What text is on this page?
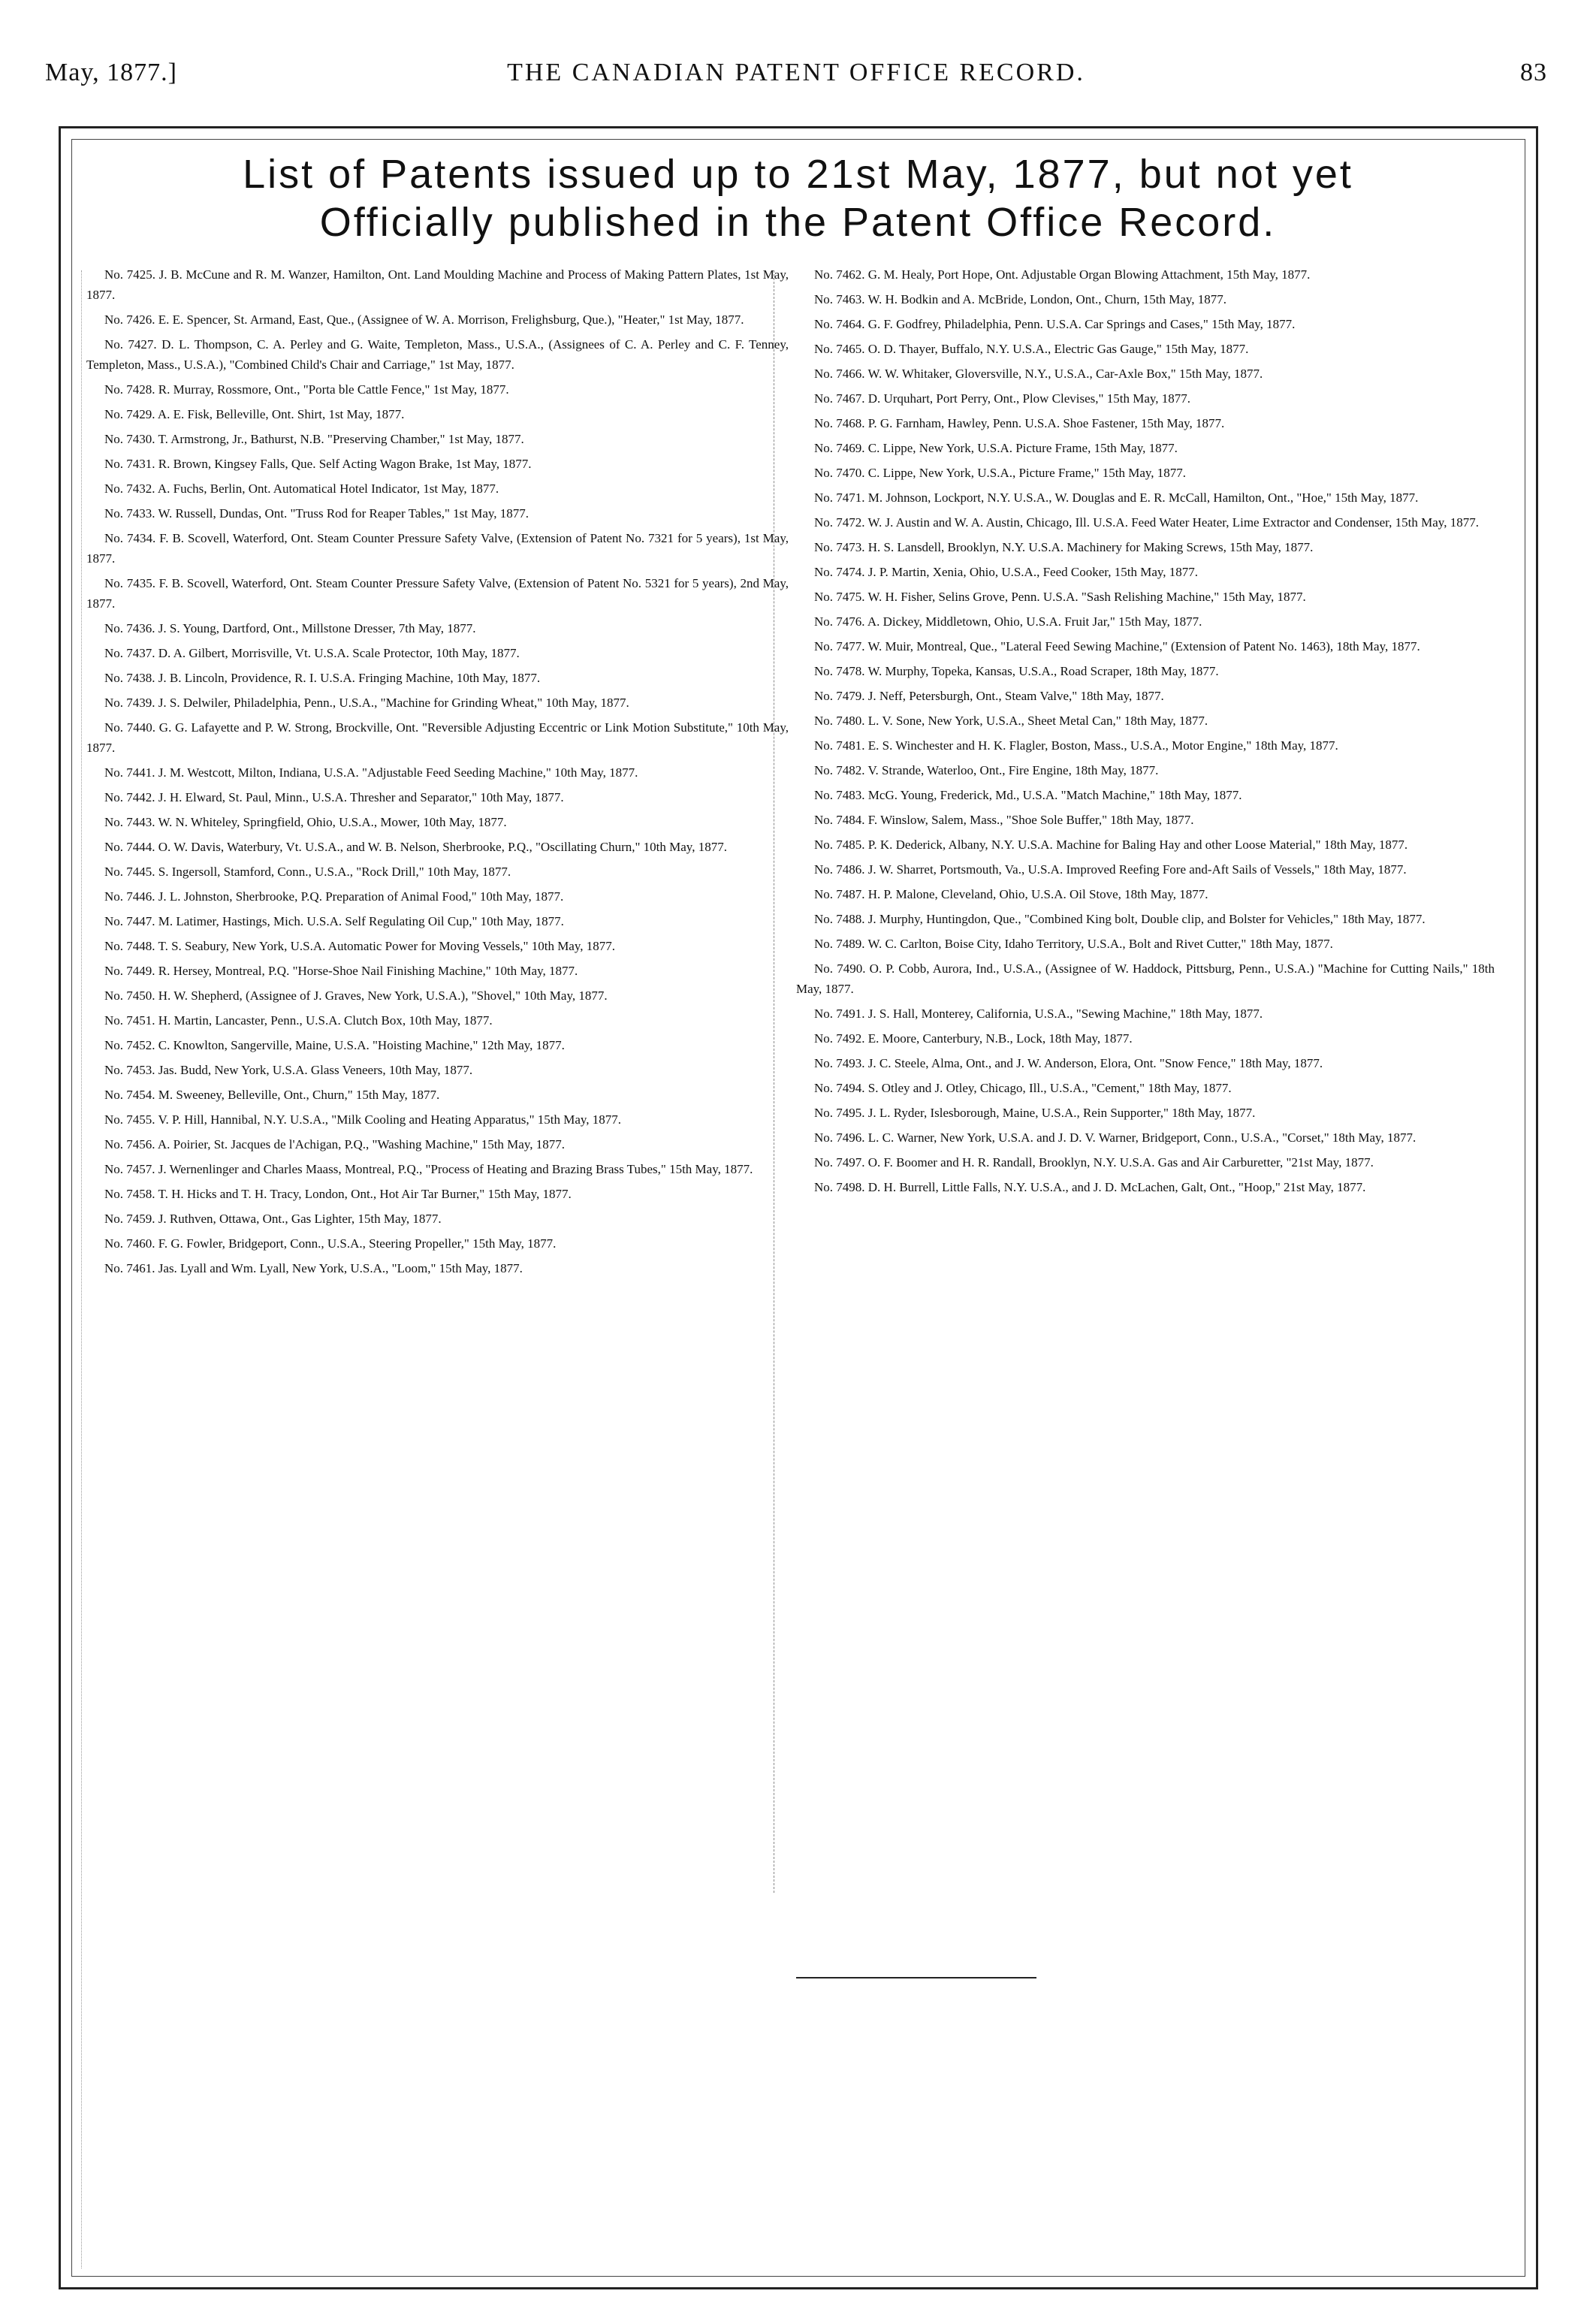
May, 1877.]	THE CANADIAN PATENT OFFICE RECORD.	83
List of Patents issued up to 21st May, 1877, but not yet
Officially published in the Patent Office Record.

No. 7425. J. B. McCune and R. M. Wanzer, Hamilton, Ont. Land Moulding Machine and Process of Making Pattern Plates, 1st May, 1877.

No. 7426. E. E. Spencer, St. Armand, East, Que., (Assignee of W. A. Morrison, Frelighsburg, Que.), "Heater," 1st May, 1877.

No. 7427. D. L. Thompson, C. A. Perley and G. Waite, Templeton, Mass., U.S.A., (Assignees of C. A. Perley and C. F. Tenney, Templeton, Mass., U.S.A.), "Combined Child's Chair and Carriage," 1st May, 1877.

No. 7428. R. Murray, Rossmore, Ont., "Porta ble Cattle Fence," 1st May, 1877.

No. 7429. A. E. Fisk, Belleville, Ont. Shirt, 1st May, 1877.

No. 7430. T. Armstrong, Jr., Bathurst, N.B. "Preserving Chamber," 1st May, 1877.

No. 7431. R. Brown, Kingsey Falls, Que. Self Acting Wagon Brake, 1st May, 1877.

No. 7432. A. Fuchs, Berlin, Ont. Automatical Hotel Indicator, 1st May, 1877.

No. 7433. W. Russell, Dundas, Ont. "Truss Rod for Reaper Tables," 1st May, 1877.

No. 7434. F. B. Scovell, Waterford, Ont. Steam Counter Pressure Safety Valve, (Extension of Patent No. 7321 for 5 years), 1st May, 1877.

No. 7435. F. B. Scovell, Waterford, Ont. Steam Counter Pressure Safety Valve, (Extension of Patent No. 5321 for 5 years), 2nd May, 1877.

No. 7436. J. S. Young, Dartford, Ont., Millstone Dresser, 7th May, 1877.

No. 7437. D. A. Gilbert, Morrisville, Vt. U.S.A. Scale Protector, 10th May, 1877.

No. 7438. J. B. Lincoln, Providence, R. I. U.S.A. Fringing Machine, 10th May, 1877.

No. 7439. J. S. Delwiler, Philadelphia, Penn., U.S.A., "Machine for Grinding Wheat," 10th May, 1877.

No. 7440. G. G. Lafayette and P. W. Strong, Brockville, Ont. "Reversible Adjusting Eccentric or Link Motion Substitute," 10th May, 1877.

No. 7441. J. M. Westcott, Milton, Indiana, U.S.A. "Adjustable Feed Seeding Machine," 10th May, 1877.

No. 7442. J. H. Elward, St. Paul, Minn., U.S.A. Thresher and Separator," 10th May, 1877.

No. 7443. W. N. Whiteley, Springfield, Ohio, U.S.A., Mower, 10th May, 1877.

No. 7444. O. W. Davis, Waterbury, Vt. U.S.A., and W. B. Nelson, Sherbrooke, P.Q., "Oscillating Churn," 10th May, 1877.

No. 7445. S. Ingersoll, Stamford, Conn., U.S.A., "Rock Drill," 10th May, 1877.

No. 7446. J. L. Johnston, Sherbrooke, P.Q. Preparation of Animal Food," 10th May, 1877.

No. 7447. M. Latimer, Hastings, Mich. U.S.A. Self Regulating Oil Cup," 10th May, 1877.

No. 7448. T. S. Seabury, New York, U.S.A. Automatic Power for Moving Vessels," 10th May, 1877.

No. 7449. R. Hersey, Montreal, P.Q. "Horse-Shoe Nail Finishing Machine," 10th May, 1877.

No. 7450. H. W. Shepherd, (Assignee of J. Graves, New York, U.S.A.), "Shovel," 10th May, 1877.

No. 7451. H. Martin, Lancaster, Penn., U.S.A. Clutch Box, 10th May, 1877.

No. 7452. C. Knowlton, Sangerville, Maine, U.S.A. "Hoisting Machine," 12th May, 1877.

No. 7453. Jas. Budd, New York, U.S.A. Glass Veneers, 10th May, 1877.

No. 7454. M. Sweeney, Belleville, Ont., Churn," 15th May, 1877.

No. 7455. V. P. Hill, Hannibal, N.Y. U.S.A., "Milk Cooling and Heating Apparatus," 15th May, 1877.

No. 7456. A. Poirier, St. Jacques de l'Achigan, P.Q., "Washing Machine," 15th May, 1877.

No. 7457. J. Wernenlinger and Charles Maass, Montreal, P.Q., "Process of Heating and Brazing Brass Tubes," 15th May, 1877.

No. 7458. T. H. Hicks and T. H. Tracy, London, Ont., Hot Air Tar Burner," 15th May, 1877.

No. 7459. J. Ruthven, Ottawa, Ont., Gas Lighter, 15th May, 1877.

No. 7460. F. G. Fowler, Bridgeport, Conn., U.S.A., Steering Propeller," 15th May, 1877.

No. 7461. Jas. Lyall and Wm. Lyall, New York, U.S.A., "Loom," 15th May, 1877.

No. 7462. G. M. Healy, Port Hope, Ont. Adjustable Organ Blowing Attachment, 15th May, 1877.

No. 7463. W. H. Bodkin and A. McBride, London, Ont., Churn, 15th May, 1877.

No. 7464. G. F. Godfrey, Philadelphia, Penn. U.S.A. Car Springs and Cases," 15th May, 1877.

No. 7465. O. D. Thayer, Buffalo, N.Y. U.S.A., Electric Gas Gauge," 15th May, 1877.

No. 7466. W. W. Whitaker, Gloversville, N.Y., U.S.A., Car-Axle Box," 15th May, 1877.

No. 7467. D. Urquhart, Port Perry, Ont., Plow Clevises," 15th May, 1877.

No. 7468. P. G. Farnham, Hawley, Penn. U.S.A. Shoe Fastener, 15th May, 1877.

No. 7469. C. Lippe, New York, U.S.A. Picture Frame, 15th May, 1877.

No. 7470. C. Lippe, New York, U.S.A., Picture Frame," 15th May, 1877.

No. 7471. M. Johnson, Lockport, N.Y. U.S.A., W. Douglas and E. R. McCall, Hamilton, Ont., "Hoe," 15th May, 1877.

No. 7472. W. J. Austin and W. A. Austin, Chicago, Ill. U.S.A. Feed Water Heater, Lime Extractor and Condenser, 15th May, 1877.

No. 7473. H. S. Lansdell, Brooklyn, N.Y. U.S.A. Machinery for Making Screws, 15th May, 1877.

No. 7474. J. P. Martin, Xenia, Ohio, U.S.A., Feed Cooker, 15th May, 1877.

No. 7475. W. H. Fisher, Selins Grove, Penn. U.S.A. "Sash Relishing Machine," 15th May, 1877.

No. 7476. A. Dickey, Middletown, Ohio, U.S.A. Fruit Jar," 15th May, 1877.

No. 7477. W. Muir, Montreal, Que., "Lateral Feed Sewing Machine," (Extension of Patent No. 1463), 18th May, 1877.

No. 7478. W. Murphy, Topeka, Kansas, U.S.A., Road Scraper, 18th May, 1877.

No. 7479. J. Neff, Petersburgh, Ont., Steam Valve," 18th May, 1877.

No. 7480. L. V. Sone, New York, U.S.A., Sheet Metal Can," 18th May, 1877.

No. 7481. E. S. Winchester and H. K. Flagler, Boston, Mass., U.S.A., Motor Engine," 18th May, 1877.

No. 7482. V. Strande, Waterloo, Ont., Fire Engine, 18th May, 1877.

No. 7483. McG. Young, Frederick, Md., U.S.A. "Match Machine," 18th May, 1877.

No. 7484. F. Winslow, Salem, Mass., "Shoe Sole Buffer," 18th May, 1877.

No. 7485. P. K. Dederick, Albany, N.Y. U.S.A. Machine for Baling Hay and other Loose Material," 18th May, 1877.

No. 7486. J. W. Sharret, Portsmouth, Va., U.S.A. Improved Reefing Fore and-Aft Sails of Vessels," 18th May, 1877.

No. 7487. H. P. Malone, Cleveland, Ohio, U.S.A. Oil Stove, 18th May, 1877.

No. 7488. J. Murphy, Huntingdon, Que., "Combined King bolt, Double clip, and Bolster for Vehicles," 18th May, 1877.

No. 7489. W. C. Carlton, Boise City, Idaho Territory, U.S.A., Bolt and Rivet Cutter," 18th May, 1877.

No. 7490. O. P. Cobb, Aurora, Ind., U.S.A., (Assignee of W. Haddock, Pittsburg, Penn., U.S.A.) "Machine for Cutting Nails," 18th May, 1877.

No. 7491. J. S. Hall, Monterey, California, U.S.A., "Sewing Machine," 18th May, 1877.

No. 7492. E. Moore, Canterbury, N.B., Lock, 18th May, 1877.

No. 7493. J. C. Steele, Alma, Ont., and J. W. Anderson, Elora, Ont. "Snow Fence," 18th May, 1877.

No. 7494. S. Otley and J. Otley, Chicago, Ill., U.S.A., "Cement," 18th May, 1877.

No. 7495. J. L. Ryder, Islesborough, Maine, U.S.A., Rein Supporter," 18th May, 1877.

No. 7496. L. C. Warner, New York, U.S.A. and J. D. V. Warner, Bridgeport, Conn., U.S.A., "Corset," 18th May, 1877.

No. 7497. O. F. Boomer and H. R. Randall, Brooklyn, N.Y. U.S.A. Gas and Air Carburetter, "21st May, 1877.

No. 7498. D. H. Burrell, Little Falls, N.Y. U.S.A., and J. D. McLachen, Galt, Ont., "Hoop," 21st May, 1877.
